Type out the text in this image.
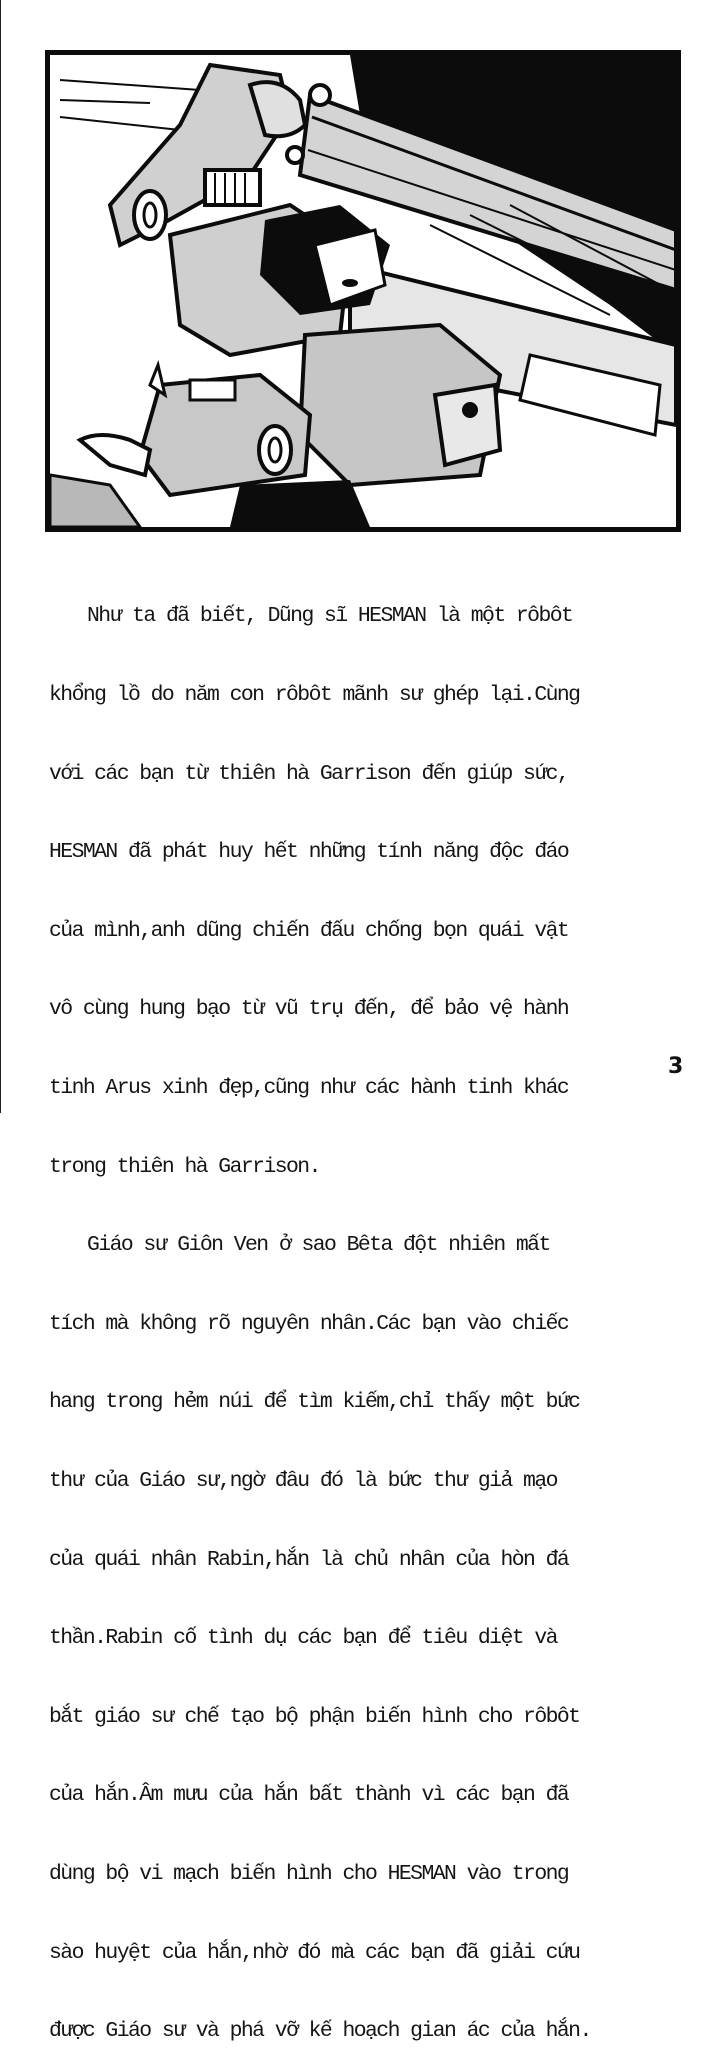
Như ta đã biết, Dũng sĩ HESMAN là một rôbôt

khổng lồ do năm con rôbôt mãnh sư ghép lại.Cùng

với các bạn từ thiên hà Garrison đến giúp sức,

HESMAN đã phát huy hết những tính năng độc đáo

của mình,anh dũng chiến đấu chống bọn quái vật

vô cùng hung bạo từ vũ trụ đến, để bảo vệ hành

tinh Arus xinh đẹp,cũng như các hành tinh khác

trong thiên hà Garrison.

Giáo sư Giôn Ven ở sao Bêta đột nhiên mất

tích mà không rõ nguyên nhân.Các bạn vào chiếc

hang trong hẻm núi để tìm kiếm,chỉ thấy một bức

thư của Giáo sư,ngờ đâu đó là bức thư giả mạo

của quái nhân Rabin,hắn là chủ nhân của hòn đá

thần.Rabin cố tình dụ các bạn để tiêu diệt và

bắt giáo sư chế tạo bộ phận biến hình cho rôbôt

của hắn.Âm mưu của hắn bất thành vì các bạn đã

dùng bộ vi mạch biến hình cho HESMAN vào trong

sào huyệt của hắn,nhờ đó mà các bạn đã giải cứu

được Giáo sư và phá vỡ kế hoạch gian ác của hắn.

3
